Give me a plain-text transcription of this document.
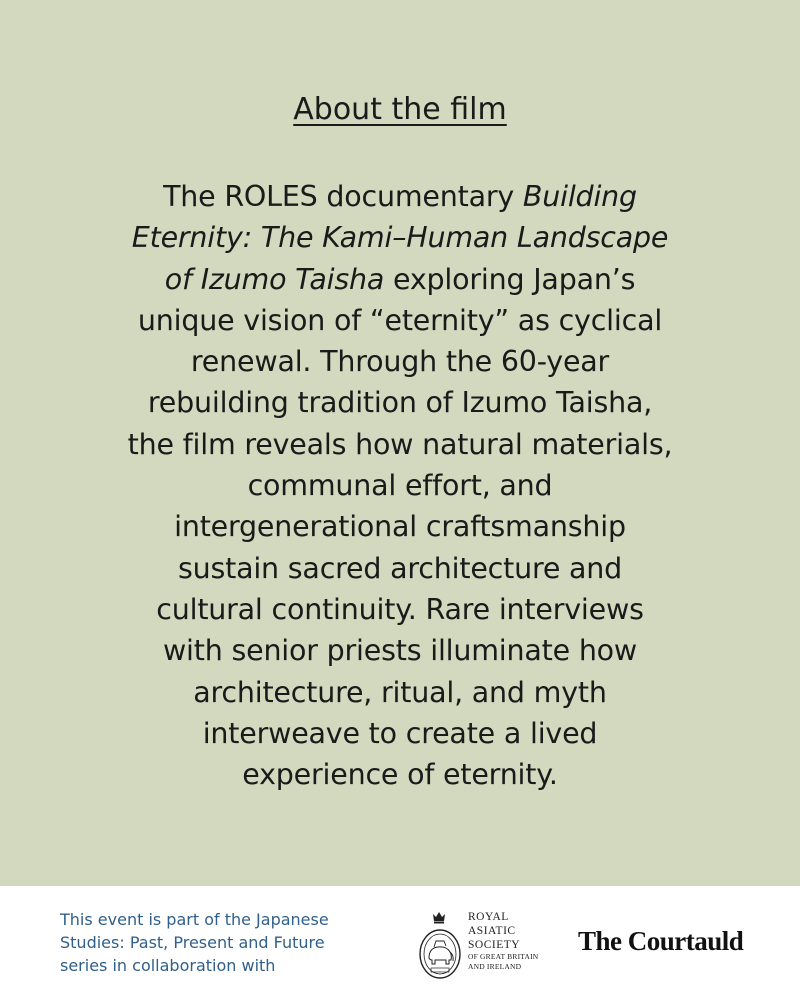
About the film
The ROLES documentary Building
Eternity: The Kami–Human Landscape
of Izumo Taisha exploring Japan’s
unique vision of “eternity” as cyclical
renewal. Through the 60-year
rebuilding tradition of Izumo Taisha,
the film reveals how natural materials,
communal effort, and
intergenerational craftsmanship
sustain sacred architecture and
cultural continuity. Rare interviews
with senior priests illuminate how
architecture, ritual, and myth
interweave to create a lived
experience of eternity.
This event is part of the Japanese
Studies: Past, Present and Future
series in collaboration with
ROYAL
ASIATIC
SOCIETY
OF GREAT BRITAIN
AND IRELAND
The Courtauld
